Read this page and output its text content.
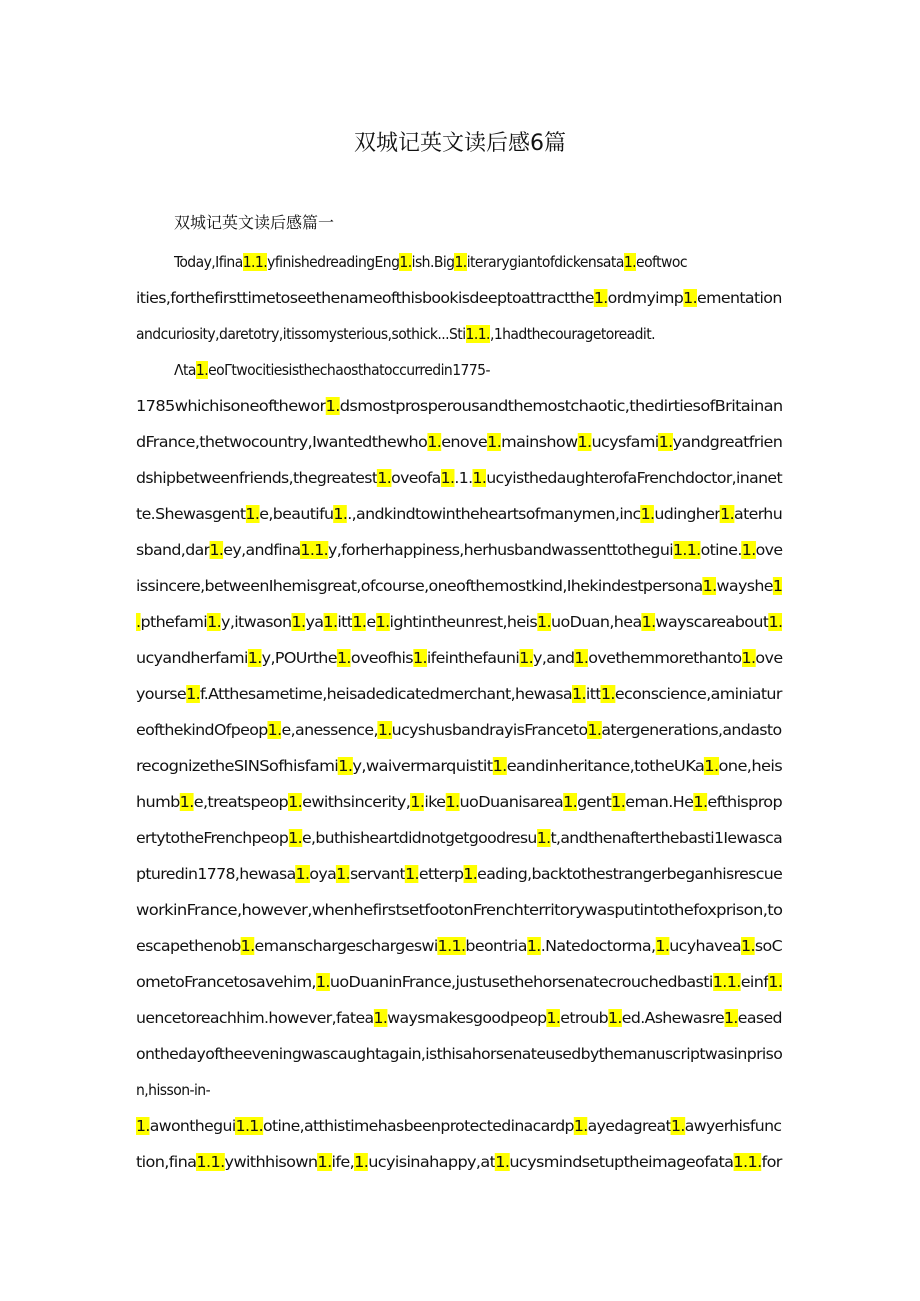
双城记英文读后感6篇
双城记英文读后感篇一
Today,Ifina1.1.yfinishedreadingEng1.ish.Big1.iterarygiantofdickensata1.eoftwoc
ities,forthefirsttimetoseethenameofthisbookisdeeptoattractthe1.ordmyimp1.ementation
andcuriosity,daretotry,itissomysterious,sothick...Sti1.1.,1hadthecouragetoreadit.
Λta1.eoΓtwocitiesisthechaosthatoccurredin1775-
1785whichisoneofthewor1.dsmostprosperousandthemostchaotic,thedirtiesofBritainan
dFrance,thetwocountry,Iwantedthewho1.enove1.mainshow1.ucysfami1.yandgreatfrien
dshipbetweenfriends,thegreatest1.oveofa1..1.1.ucyisthedaughterofaFrenchdoctor,inanet
te.Shewasgent1.e,beautifu1..,andkindtowintheheartsofmanymen,inc1.udingher1.aterhu
sband,dar1.ey,andfina1.1.y,forherhappiness,herhusbandwassenttothegui1.1.otine.1.ove
issincere,betweenIhemisgreat,ofcourse,oneofthemostkind,Ihekindestpersona1.wayshe1
.pthefami1.y,itwason1.ya1.itt1.e1.ightintheunrest,heis1.uoDuan,hea1.wayscareabout1.
ucyandherfami1.y,POUrthe1.oveofhis1.ifeinthefauni1.y,and1.ovethemmorethanto1.ove
yourse1.f.Atthesametime,heisadedicatedmerchant,hewasa1.itt1.econscience,aminiatur
eofthekindOfpeop1.e,anessence,1.ucyshusbandrayisFranceto1.atergenerations,andasto
recognizetheSINSofhisfami1.y,waivermarquistit1.eandinheritance,totheUKa1.one,heis
humb1.e,treatspeop1.ewithsincerity,1.ike1.uoDuanisarea1.gent1.eman.He1.efthisprop
ertytotheFrenchpeop1.e,buthisheartdidnotgetgoodresu1.t,andthenafterthebasti1Iewasca
pturedin1778,hewasa1.oya1.servant1.etterp1.eading,backtothestrangerbeganhisrescue
workinFrance,however,whenhefirstsetfootonFrenchterritorywasputintothefoxprison,to
escapethenob1.emanschargeschargeswi1.1.beontria1..Natedoctorma,1.ucyhavea1.soC
ometoFrancetosavehim,1.uoDuaninFrance,justusethehorsenatecrouchedbasti1.1.einf1.
uencetoreachhim.however,fatea1.waysmakesgoodpeop1.etroub1.ed.Ashewasre1.eased
onthedayoftheeveningwascaughtagain,isthisahorsenateusedbythemanuscriptwasinpriso
n,hisson-in-
1.awonthegui1.1.otine,atthistimehasbeenprotectedinacardp1.ayedagreat1.awyerhisfunc
tion,fina1.1.ywithhisown1.ife,1.ucyisinahappy,at1.ucysmindsetuptheimageofata1.1.for
